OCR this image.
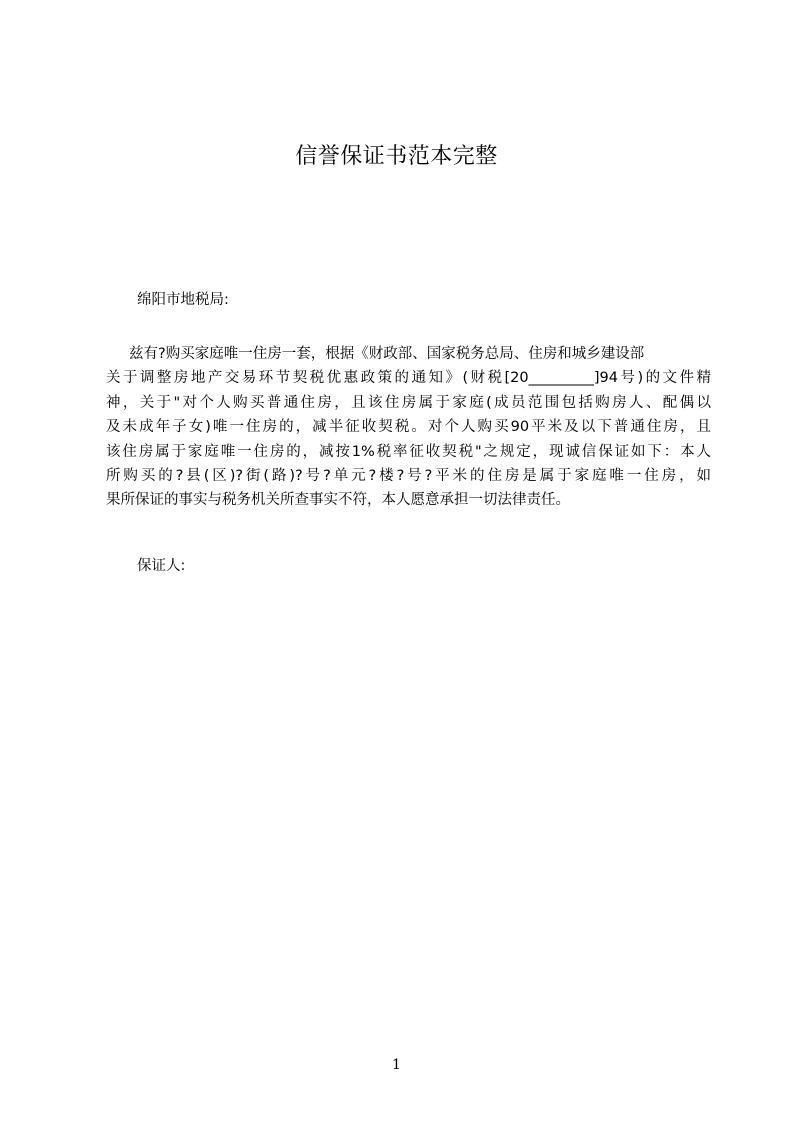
信誉保证书范本完整
绵阳市地税局:
兹有?购买家庭唯一住房一套，根据《财政部、国家税务总局、住房和城乡建设部
关于调整房地产交易环节契税优惠政策的通知》(财税[20_________]94号)的文件精
神，关于"对个人购买普通住房，且该住房属于家庭(成员范围包括购房人、配偶以
及未成年子女)唯一住房的，减半征收契税。对个人购买90平米及以下普通住房，且
该住房属于家庭唯一住房的，减按1%税率征收契税"之规定，现诚信保证如下：本人
所购买的?县(区)?街(路)?号?单元?楼?号?平米的住房是属于家庭唯一住房，如
果所保证的事实与税务机关所查事实不符，本人愿意承担一切法律责任。
保证人:
1
